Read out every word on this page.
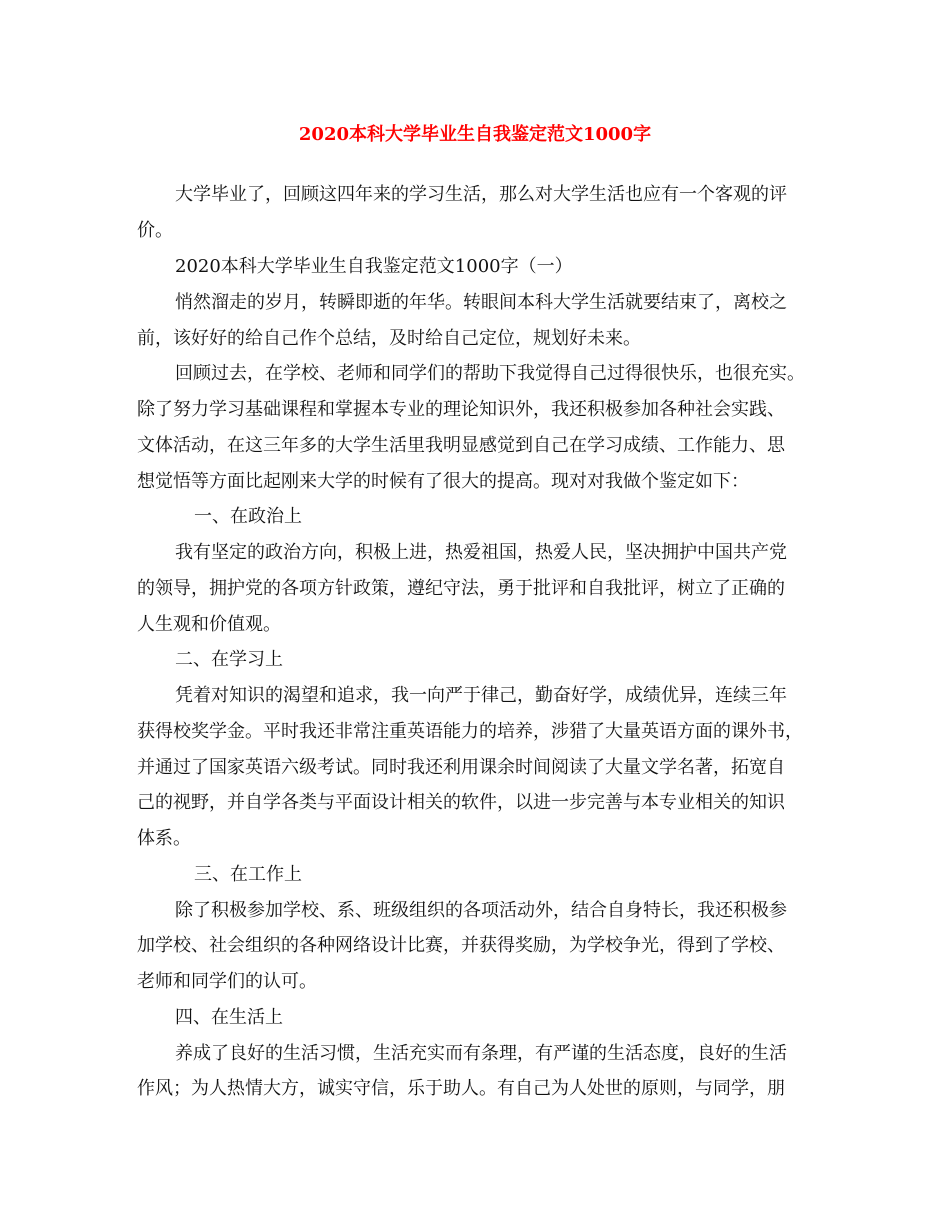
2020本科大学毕业生自我鉴定范文1000字
大学毕业了，回顾这四年来的学习生活，那么对大学生活也应有一个客观的评
价。
2020本科大学毕业生自我鉴定范文1000字（一）
悄然溜走的岁月，转瞬即逝的年华。转眼间本科大学生活就要结束了，离校之
前，该好好的给自己作个总结，及时给自己定位，规划好未来。
回顾过去，在学校、老师和同学们的帮助下我觉得自己过得很快乐，也很充实。
除了努力学习基础课程和掌握本专业的理论知识外，我还积极参加各种社会实践、
文体活动，在这三年多的大学生活里我明显感觉到自己在学习成绩、工作能力、思
想觉悟等方面比起刚来大学的时候有了很大的提高。现对对我做个鉴定如下：
一、在政治上
我有坚定的政治方向，积极上进，热爱祖国，热爱人民，坚决拥护中国共产党
的领导，拥护党的各项方针政策，遵纪守法，勇于批评和自我批评，树立了正确的
人生观和价值观。
二、在学习上
凭着对知识的渴望和追求，我一向严于律己，勤奋好学，成绩优异，连续三年
获得校奖学金。平时我还非常注重英语能力的培养，涉猎了大量英语方面的课外书，
并通过了国家英语六级考试。同时我还利用课余时间阅读了大量文学名著，拓宽自
己的视野，并自学各类与平面设计相关的软件，以进一步完善与本专业相关的知识
体系。
三、在工作上
除了积极参加学校、系、班级组织的各项活动外，结合自身特长，我还积极参
加学校、社会组织的各种网络设计比赛，并获得奖励，为学校争光，得到了学校、
老师和同学们的认可。
四、在生活上
养成了良好的生活习惯，生活充实而有条理，有严谨的生活态度，良好的生活
作风；为人热情大方，诚实守信，乐于助人。有自己为人处世的原则，与同学，朋
